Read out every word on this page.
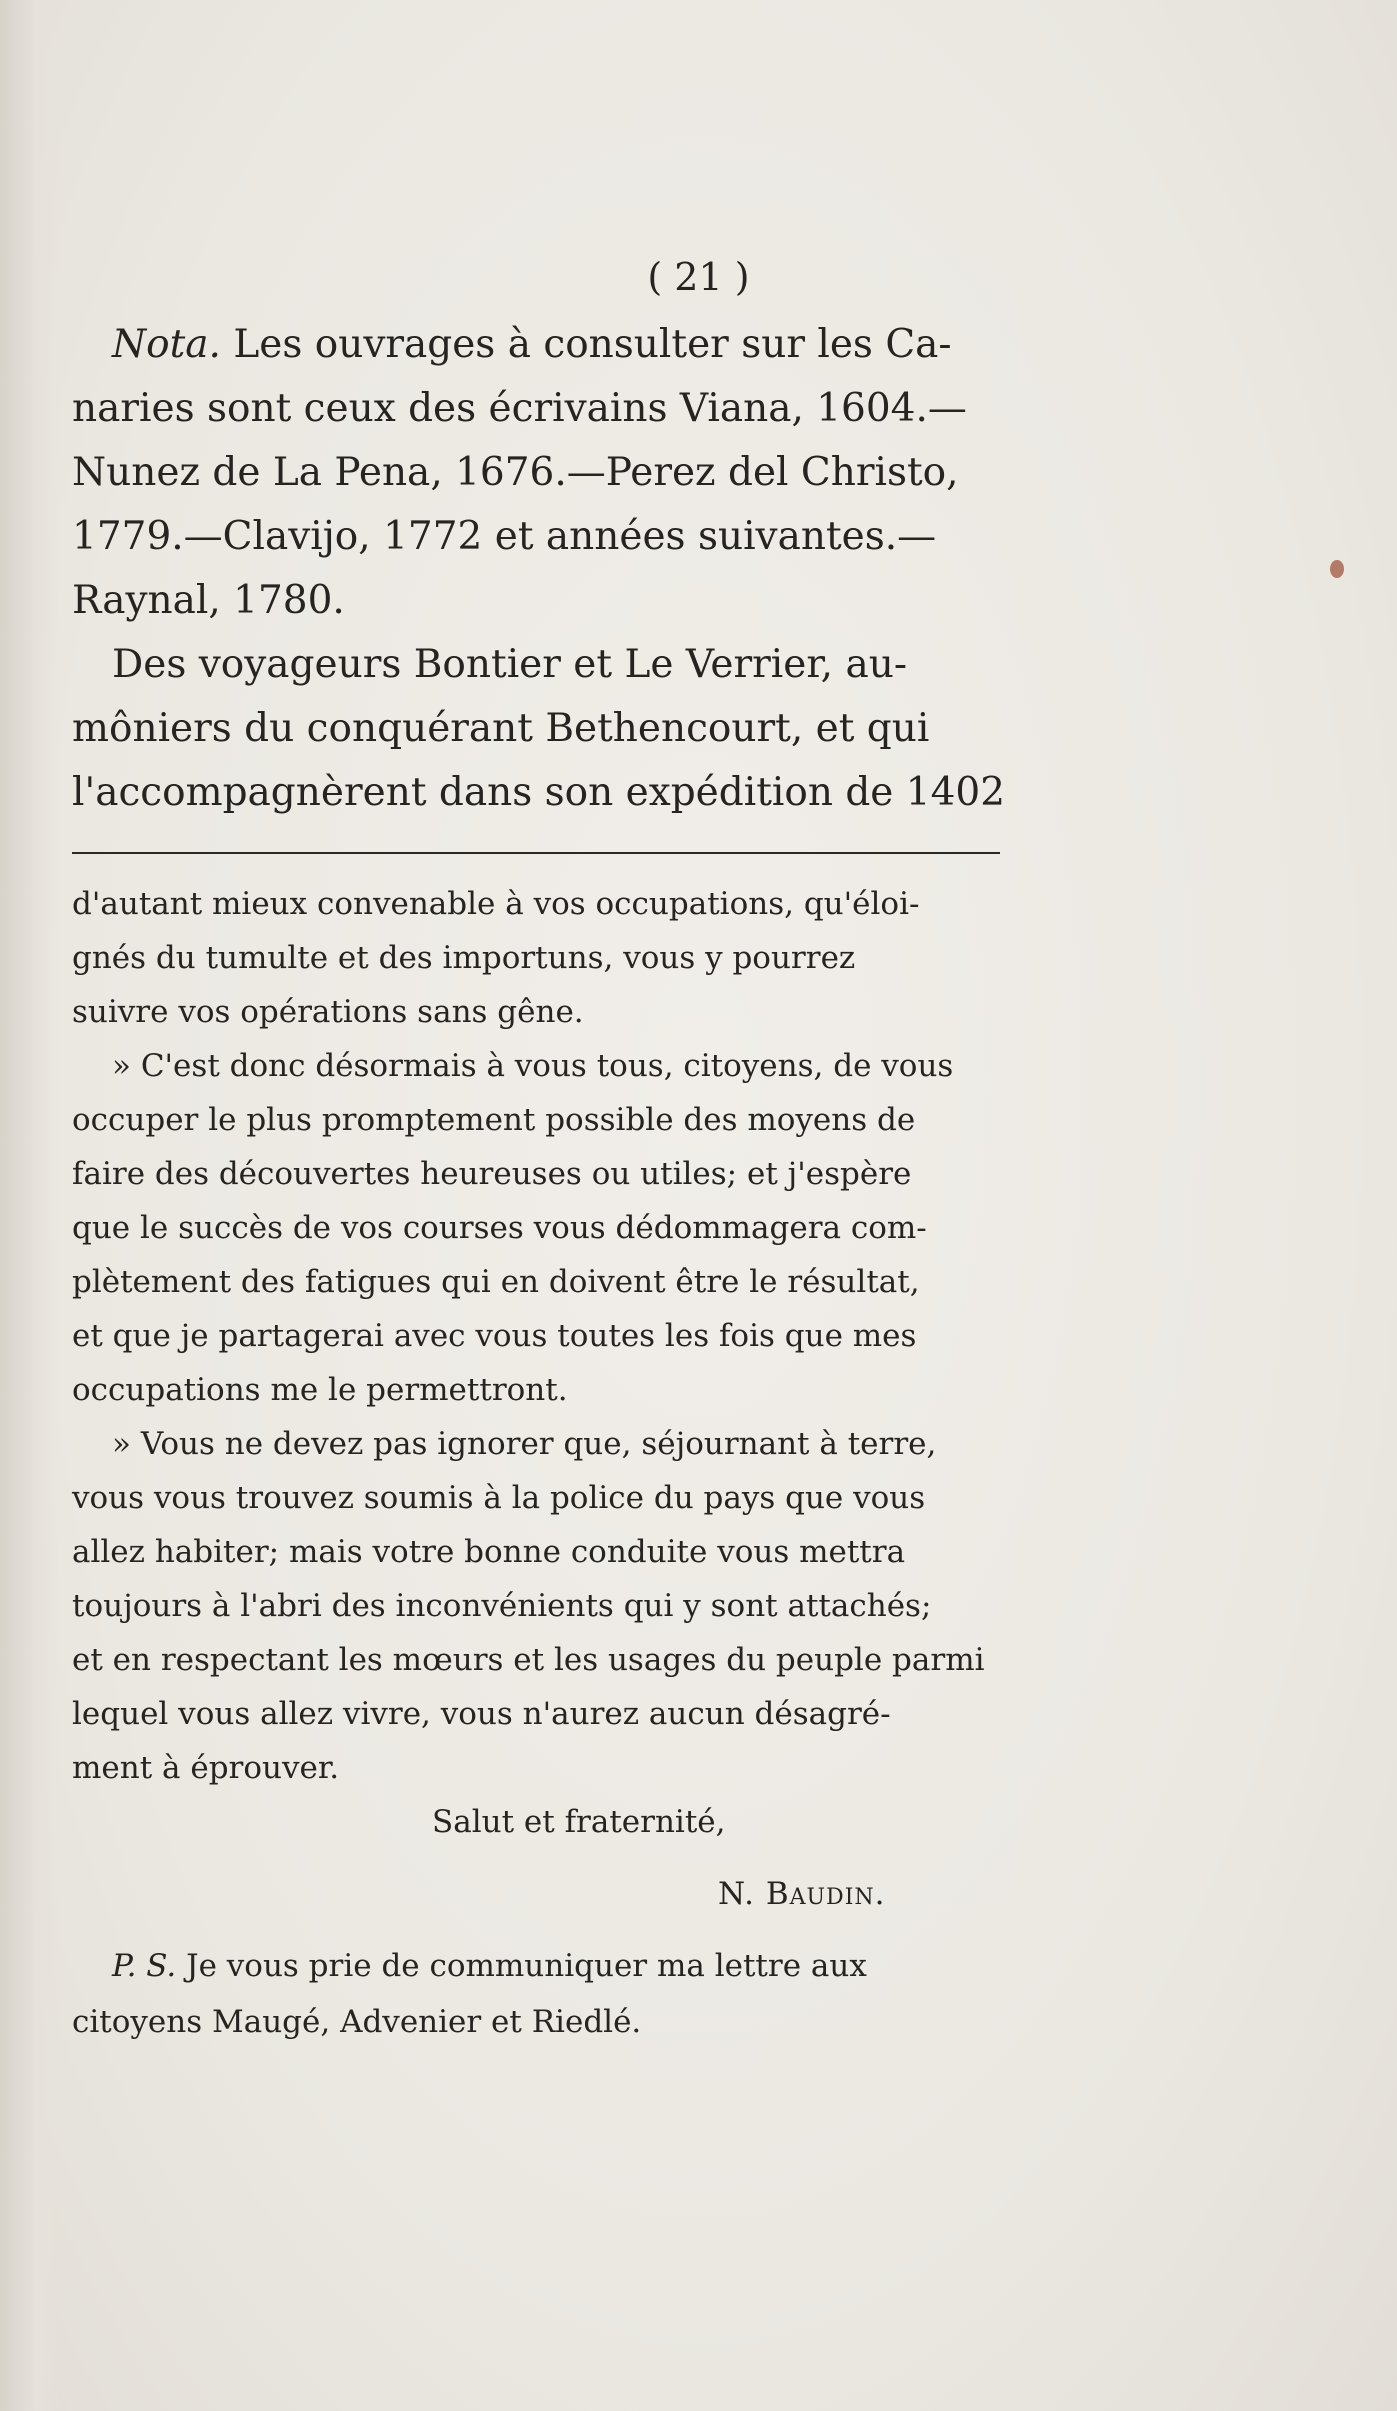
( 21 )
Nota. Les ouvrages à consulter sur les Ca-
naries sont ceux des écrivains Viana, 1604.—
Nunez de La Pena, 1676.—Perez del Christo,
1779.—Clavijo, 1772 et années suivantes.—
Raynal, 1780.
Des voyageurs Bontier et Le Verrier, au-
môniers du conquérant Bethencourt, et qui
l'accompagnèrent dans son expédition de 1402
d'autant mieux convenable à vos occupations, qu'éloi-
gnés du tumulte et des importuns, vous y pourrez
suivre vos opérations sans gêne.
» C'est donc désormais à vous tous, citoyens, de vous
occuper le plus promptement possible des moyens de
faire des découvertes heureuses ou utiles; et j'espère
que le succès de vos courses vous dédommagera com-
plètement des fatigues qui en doivent être le résultat,
et que je partagerai avec vous toutes les fois que mes
occupations me le permettront.
» Vous ne devez pas ignorer que, séjournant à terre,
vous vous trouvez soumis à la police du pays que vous
allez habiter; mais votre bonne conduite vous mettra
toujours à l'abri des inconvénients qui y sont attachés;
et en respectant les mœurs et les usages du peuple parmi
lequel vous allez vivre, vous n'aurez aucun désagré-
ment à éprouver.
Salut et fraternité,
N. Baudin.
P. S. Je vous prie de communiquer ma lettre aux
citoyens Maugé, Advenier et Riedlé.
